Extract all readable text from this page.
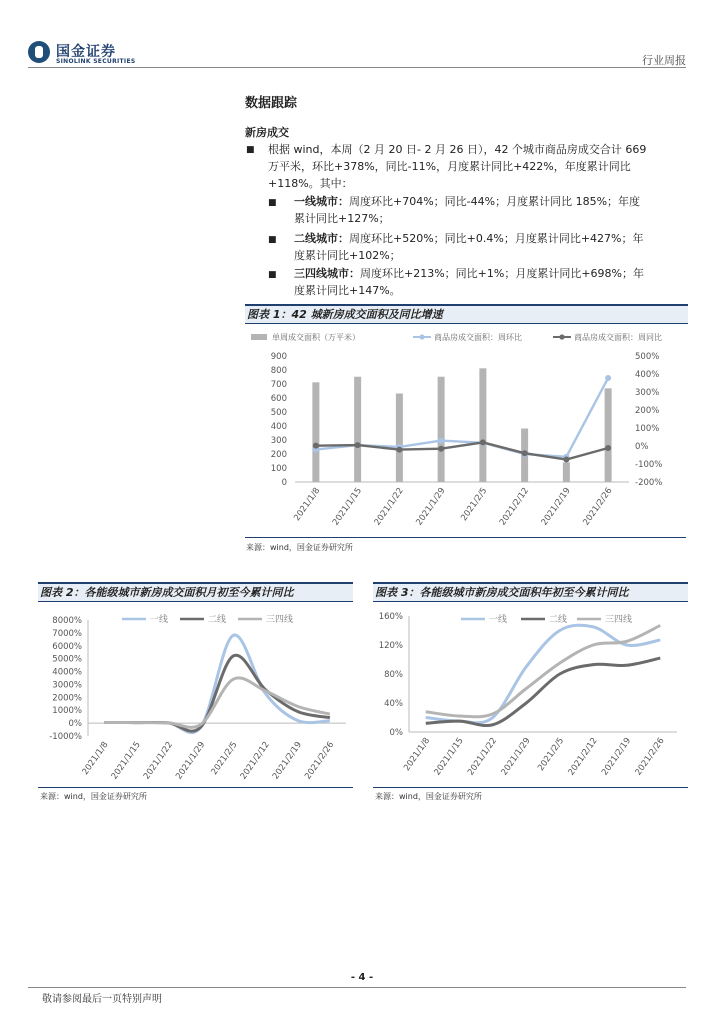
国金证券
SINOLINK SECURITIES	行业周报
数据跟踪
新房成交
■ 根据 wind，本周（2 月 20 日- 2 月 26 日），42 个城市商品房成交合计 669
万平米，环比+378%，同比-11%，月度累计同比+422%，年度累计同比
+118%。其中：
■ 一线城市：周度环比+704%；同比-44%；月度累计同比 185%；年度
累计同比+127%；
■ 二线城市：周度环比+520%；同比+0.4%；月度累计同比+427%；年
度累计同比+102%；
■ 三四线城市：周度环比+213%；同比+1%；月度累计同比+698%；年
度累计同比+147%。
图表 1：42 城新房成交面积及同比增速
单周成交面积（万平米）	商品房成交面积：周环比	商品房成交面积：周同比
900
800
700
600
500
400
300
200
100
0
500%
400%
300%
200%
100%
0%
-100%
-200%
2021/1/8 2021/1/15 2021/1/22 2021/1/29 2021/2/5 2021/2/12 2021/2/19 2021/2/26
来源：wind，国金证券研究所
图表 2：各能级城市新房成交面积月初至今累计同比
一线	二线	三四线
8000%
7000%
6000%
5000%
4000%
3000%
2000%
1000%
0%
-1000%
2021/1/8 2021/1/15 2021/1/22 2021/1/29 2021/2/5 2021/2/12 2021/2/19 2021/2/26
来源：wind，国金证券研究所
图表 3：各能级城市新房成交面积年初至今累计同比
一线	二线	三四线
160%
120%
80%
40%
0%
2021/1/8 2021/1/15 2021/1/22 2021/1/29 2021/2/5 2021/2/12 2021/2/19 2021/2/26
来源：wind，国金证券研究所
- 4 -
敬请参阅最后一页特别声明
